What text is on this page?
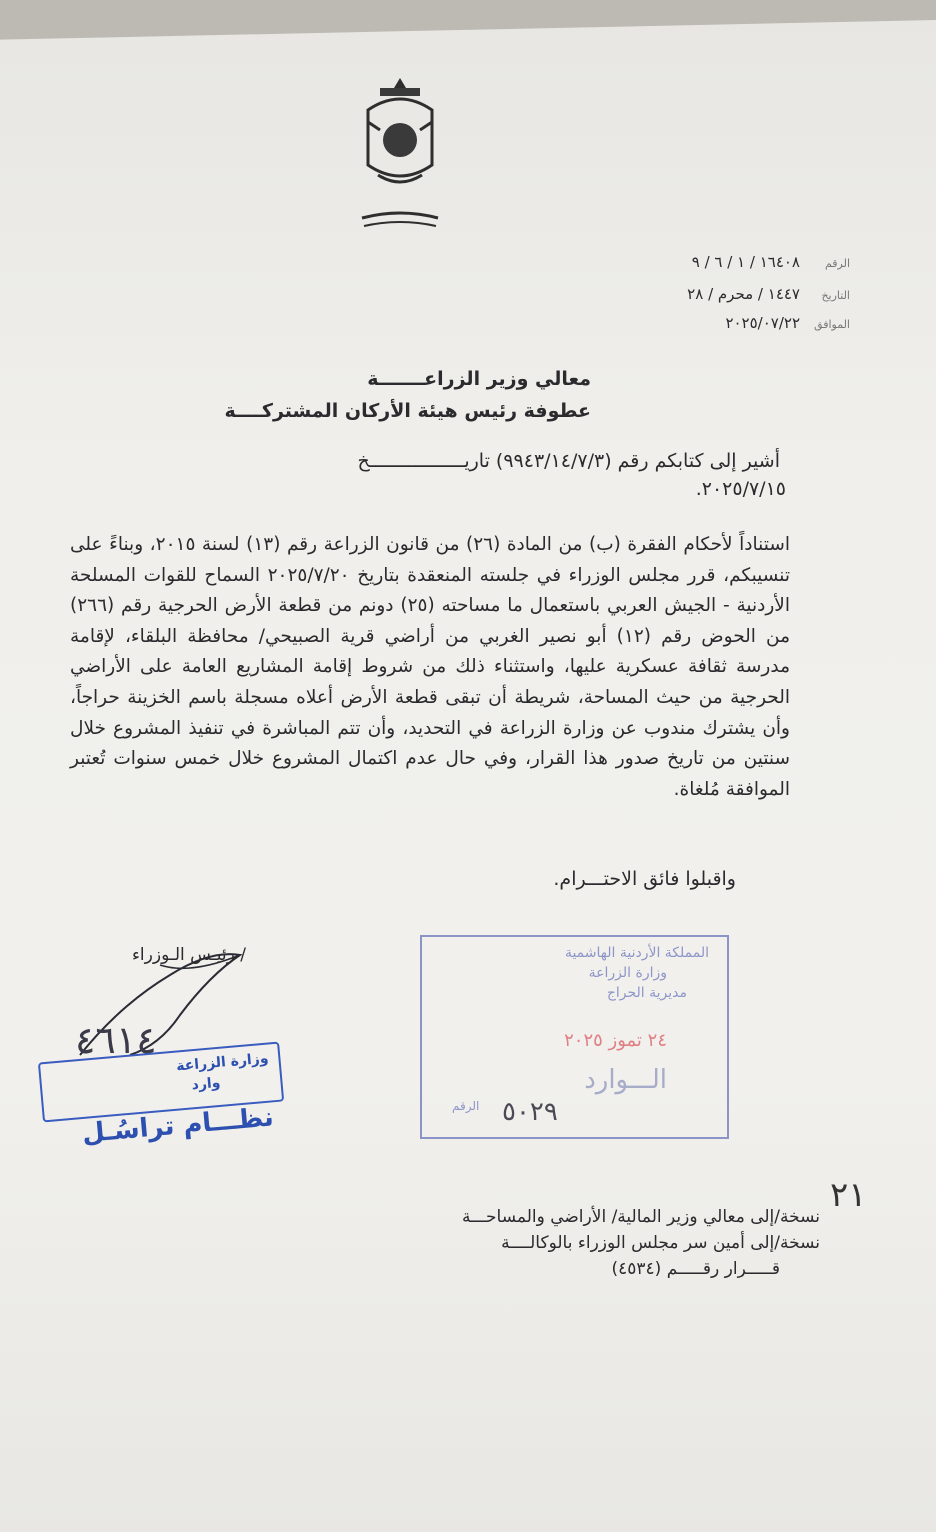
الرقم
١٦٤٠٨ / ١ / ٦ / ٩
التاريخ
١٤٤٧ / محرم / ٢٨
الموافق
٢٠٢٥/٠٧/٢٢
معالي وزير الزراعـــــــة
عطوفة رئيس هيئة الأركان المشتركــــة
أشير إلى كتابكم رقم (٩٩٤٣/١٤/٧/٣) تاريـــــــــــــــــخ
٢٠٢٥/٧/١٥.
استناداً لأحكام الفقرة (ب) من المادة (٢٦) من قانون الزراعة رقم (١٣) لسنة ٢٠١٥، وبناءً على تنسيبكم، قرر مجلس الوزراء في جلسته المنعقدة بتاريخ ٢٠٢٥/٧/٢٠ السماح للقوات المسلحة الأردنية - الجيش العربي باستعمال ما مساحته (٢٥) دونم من قطعة الأرض الحرجية رقم (٢٦٦) من الحوض رقم (١٢) أبو نصير الغربي من أراضي قرية الصبيحي/ محافظة البلقاء، لإقامة مدرسة ثقافة عسكرية عليها، واستثناء ذلك من شروط إقامة المشاريع العامة على الأراضي الحرجية من حيث المساحة، شريطة أن تبقى قطعة الأرض أعلاه مسجلة باسم الخزينة حراجاً، وأن يشترك مندوب عن وزارة الزراعة في التحديد، وأن تتم المباشرة في تنفيذ المشروع خلال سنتين من تاريخ صدور هذا القرار، وفي حال عدم اكتمال المشروع خلال خمس سنوات تُعتبر الموافقة مُلغاة.
واقبلوا فائق الاحتـــرام.
/ رئيـس الـوزراء
٤٦١٤
وزارة الزراعة
وارد
نظـــام تراسُـل
المملكة الأردنية الهاشمية
وزارة الزراعة
مديرية الحراج
٢٤ تموز ٢٠٢٥
الـــوارد
الرقم ٥٠٢٩
٢١
نسخة/إلى معالي وزير المالية/ الأراضي والمساحـــة
نسخة/إلى أمين سر مجلس الوزراء بالوكالــــة
قـــــرار رقـــــم (٤٥٣٤)
